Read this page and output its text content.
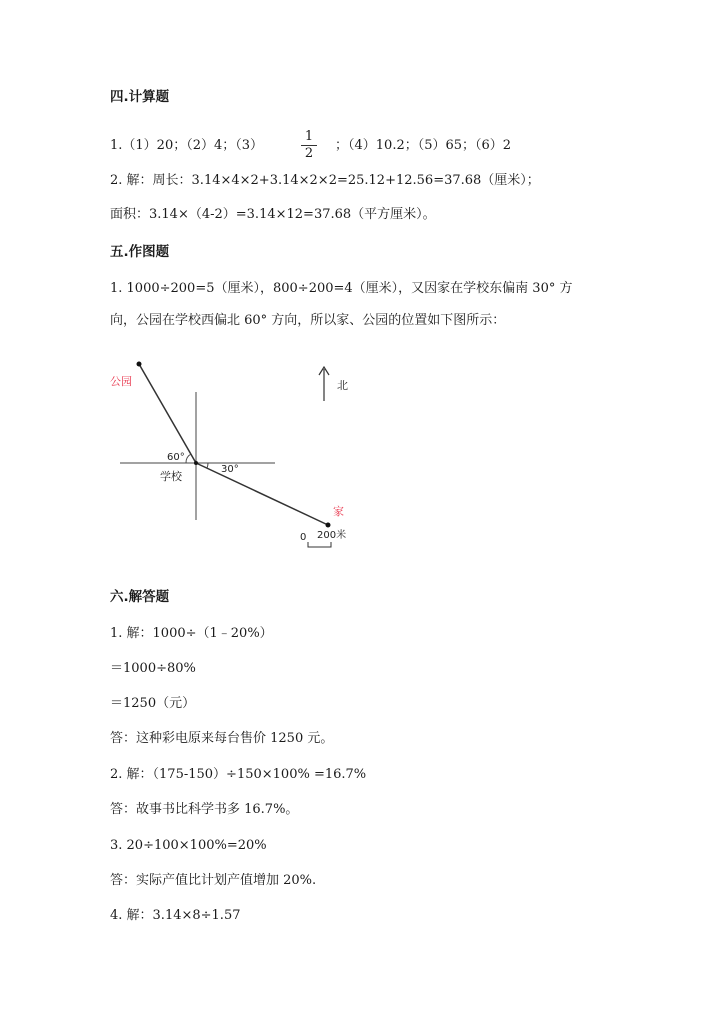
四.计算题
1.（1）20；（2）4；（3）
1
2
；（4）10.2；（5）65；（6）2
2. 解：周长：3.14×4×2+3.14×2×2=25.12+12.56=37.68（厘米）；
面积：3.14×（4-2）=3.14×12=37.68（平方厘米）。
五.作图题
1. 1000÷200=5（厘米），800÷200=4（厘米），又因家在学校东偏南 30° 方
向，公园在学校西偏北 60° 方向，所以家、公园的位置如下图所示：
公园
60°
30°
学校
家
北
0 200米
六.解答题
1. 解：1000÷（1﹣20%）
＝1000÷80%
＝1250（元）
答：这种彩电原来每台售价 1250 元。
2. 解：（175-150）÷150×100% =16.7%
答：故事书比科学书多 16.7%。
3. 20÷100×100%=20%
答：实际产值比计划产值增加 20%.
4. 解：3.14×8÷1.57
